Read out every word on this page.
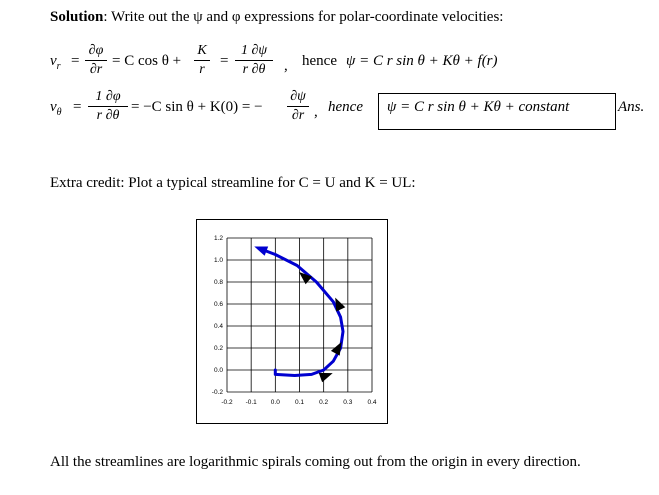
Solution: Write out the ψ and φ expressions for polar-coordinate velocities:
$v_r$ =
∂φ
∂r
= C cos θ +
K
r
=
1 ∂ψ
r ∂θ	, hence ψ = C r sin θ + Kθ + f(r)
$v_\theta$ =
1 ∂φ
r ∂θ
= −C sin θ + K(0) = −
∂ψ
∂r , hence ψ = C r sin θ + Kθ + constant	Ans.
Extra credit: Plot a typical streamline for C = U and K = UL:
-0.2 -0.1 0.0 0.1 0.2 0.3 0.4
1.2
1.0
0.8
0.6
0.4
0.2
0.0
-0.2
All the streamlines are logarithmic spirals coming out from the origin in every direction.
